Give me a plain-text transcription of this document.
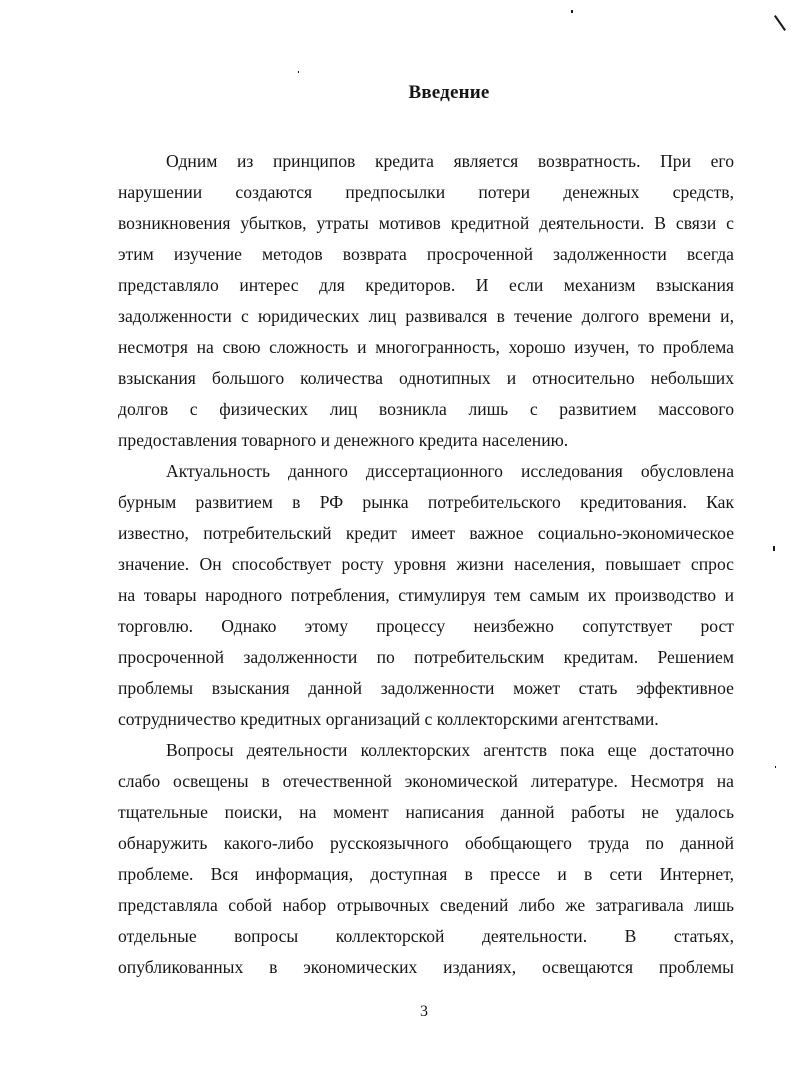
Введение
Одним из принципов кредита является возвратность. При его
нарушении создаются предпосылки потери денежных средств,
возникновения убытков, утраты мотивов кредитной деятельности. В связи с
этим изучение методов возврата просроченной задолженности всегда
представляло интерес для кредиторов. И если механизм взыскания
задолженности с юридических лиц развивался в течение долгого времени и,
несмотря на свою сложность и многогранность, хорошо изучен, то проблема
взыскания большого количества однотипных и относительно небольших
долгов с физических лиц возникла лишь с развитием массового
предоставления товарного и денежного кредита населению.
Актуальность данного диссертационного исследования обусловлена
бурным развитием в РФ рынка потребительского кредитования. Как
известно, потребительский кредит имеет важное социально-экономическое
значение. Он способствует росту уровня жизни населения, повышает спрос
на товары народного потребления, стимулируя тем самым их производство и
торговлю. Однако этому процессу неизбежно сопутствует рост
просроченной задолженности по потребительским кредитам. Решением
проблемы взыскания данной задолженности может стать эффективное
сотрудничество кредитных организаций с коллекторскими агентствами.
Вопросы деятельности коллекторских агентств пока еще достаточно
слабо освещены в отечественной экономической литературе. Несмотря на
тщательные поиски, на момент написания данной работы не удалось
обнаружить какого-либо русскоязычного обобщающего труда по данной
проблеме. Вся информация, доступная в прессе и в сети Интернет,
представляла собой набор отрывочных сведений либо же затрагивала лишь
отдельные вопросы коллекторской деятельности. В статьях,
опубликованных в экономических изданиях, освещаются проблемы
3
